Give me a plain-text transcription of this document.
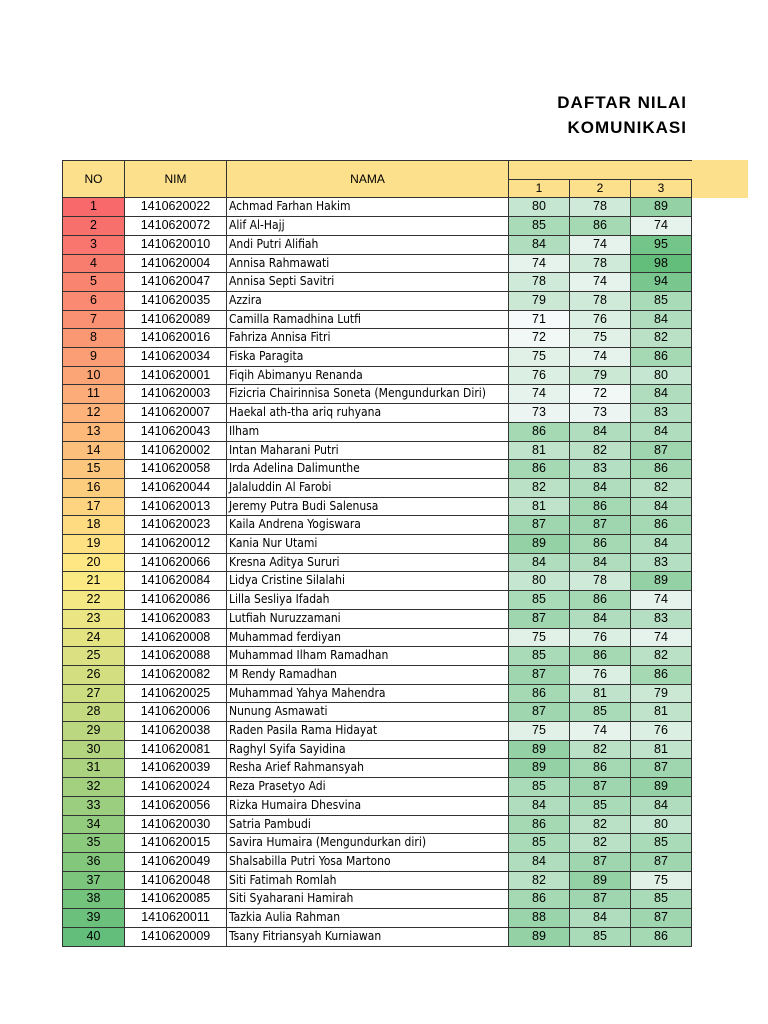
DAFTAR NILAI
KOMUNIKASI
NO	NIM	NAMA			
			1	2	3
1	1410620022	Achmad Farhan Hakim	80	78	89
2	1410620072	Alif Al-Hajj	85	86	74
3	1410620010	Andi Putri Alifiah	84	74	95
4	1410620004	Annisa Rahmawati	74	78	98
5	1410620047	Annisa Septi Savitri	78	74	94
6	1410620035	Azzira	79	78	85
7	1410620089	Camilla Ramadhina Lutfi	71	76	84
8	1410620016	Fahriza Annisa Fitri	72	75	82
9	1410620034	Fiska Paragita	75	74	86
10	1410620001	Fiqih Abimanyu Renanda	76	79	80
11	1410620003	Fizicria Chairinnisa Soneta (Mengundurkan Diri)	74	72	84
12	1410620007	Haekal ath-tha ariq ruhyana	73	73	83
13	1410620043	Ilham	86	84	84
14	1410620002	Intan Maharani Putri	81	82	87
15	1410620058	Irda Adelina Dalimunthe	86	83	86
16	1410620044	Jalaluddin Al Farobi	82	84	82
17	1410620013	Jeremy Putra Budi Salenusa	81	86	84
18	1410620023	Kaila Andrena Yogiswara	87	87	86
19	1410620012	Kania Nur Utami	89	86	84
20	1410620066	Kresna Aditya Sururi	84	84	83
21	1410620084	Lidya Cristine Silalahi	80	78	89
22	1410620086	Lilla Sesliya Ifadah	85	86	74
23	1410620083	Lutfiah Nuruzzamani	87	84	83
24	1410620008	Muhammad ferdiyan	75	76	74
25	1410620088	Muhammad Ilham Ramadhan	85	86	82
26	1410620082	M Rendy Ramadhan	87	76	86
27	1410620025	Muhammad Yahya Mahendra	86	81	79
28	1410620006	Nunung Asmawati	87	85	81
29	1410620038	Raden Pasila Rama Hidayat	75	74	76
30	1410620081	Raghyl Syifa Sayidina	89	82	81
31	1410620039	Resha Arief Rahmansyah	89	86	87
32	1410620024	Reza Prasetyo Adi	85	87	89
33	1410620056	Rizka Humaira Dhesvina	84	85	84
34	1410620030	Satria Pambudi	86	82	80
35	1410620015	Savira Humaira (Mengundurkan diri)	85	82	85
36	1410620049	Shalsabilla Putri Yosa Martono	84	87	87
37	1410620048	Siti Fatimah Romlah	82	89	75
38	1410620085	Siti Syaharani Hamirah	86	87	85
39	1410620011	Tazkia Aulia Rahman	88	84	87
40	1410620009	Tsany Fitriansyah Kurniawan	89	85	86
